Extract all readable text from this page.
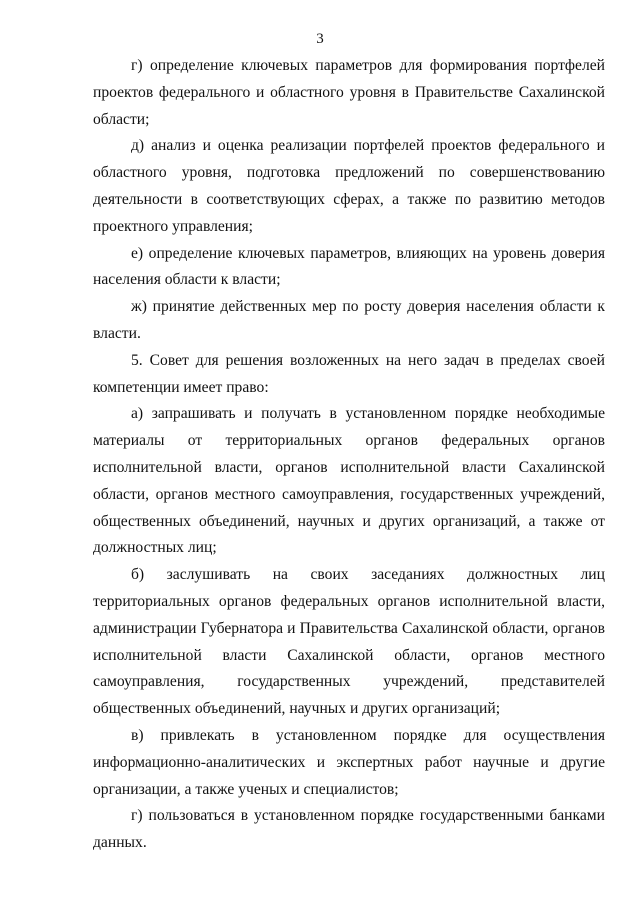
3

г) определение ключевых параметров для формирования портфелей проектов федерального и областного уровня в Правительстве Сахалинской области;

д) анализ и оценка реализации портфелей проектов федерального и областного уровня, подготовка предложений по совершенствованию деятельности в соответствующих сферах, а также по развитию методов проектного управления;

е) определение ключевых параметров, влияющих на уровень доверия населения области к власти;

ж) принятие действенных мер по росту доверия населения области к власти.

5. Совет для решения возложенных на него задач в пределах своей компетенции имеет право:

а) запрашивать и получать в установленном порядке необходимые материалы от территориальных органов федеральных органов исполнительной власти, органов исполнительной власти Сахалинской области, органов местного самоуправления, государственных учреждений, общественных объединений, научных и других организаций, а также от должностных лиц;

б) заслушивать на своих заседаниях должностных лиц территориальных органов федеральных органов исполнительной власти, администрации Губернатора и Правительства Сахалинской области, органов исполнительной власти Сахалинской области, органов местного самоуправления, государственных учреждений, представителей общественных объединений, научных и других организаций;

в) привлекать в установленном порядке для осуществления информационно-аналитических и экспертных работ научные и другие организации, а также ученых и специалистов;

г) пользоваться в установленном порядке государственными банками данных.
